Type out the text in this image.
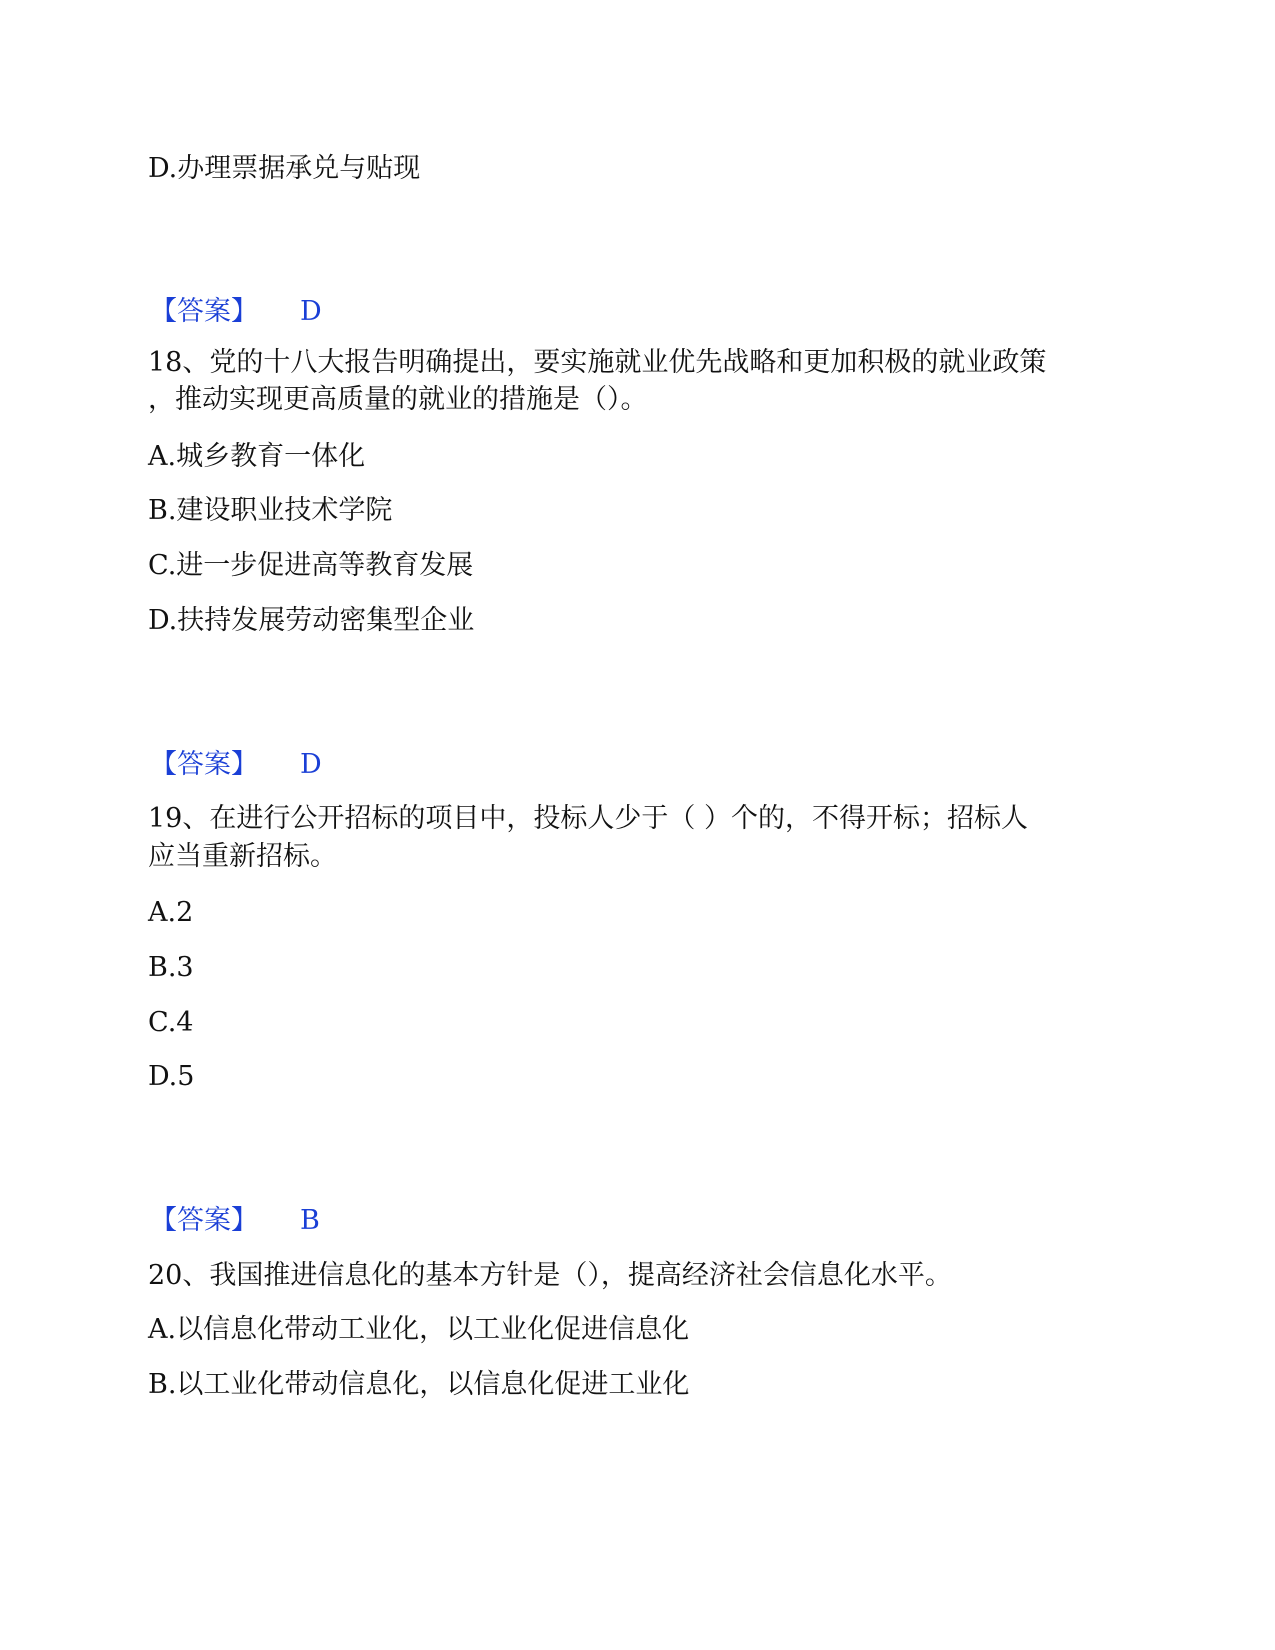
D.办理票据承兑与贴现
【答案】 D
18、党的十八大报告明确提出，要实施就业优先战略和更加积极的就业政策
，推动实现更高质量的就业的措施是（）。
A.城乡教育一体化
B.建设职业技术学院
C.进一步促进高等教育发展
D.扶持发展劳动密集型企业
【答案】 D
19、在进行公开招标的项目中，投标人少于（ ）个的，不得开标；招标人
应当重新招标。
A.2
B.3
C.4
D.5
【答案】 B
20、我国推进信息化的基本方针是（），提高经济社会信息化水平。
A.以信息化带动工业化，以工业化促进信息化
B.以工业化带动信息化，以信息化促进工业化
